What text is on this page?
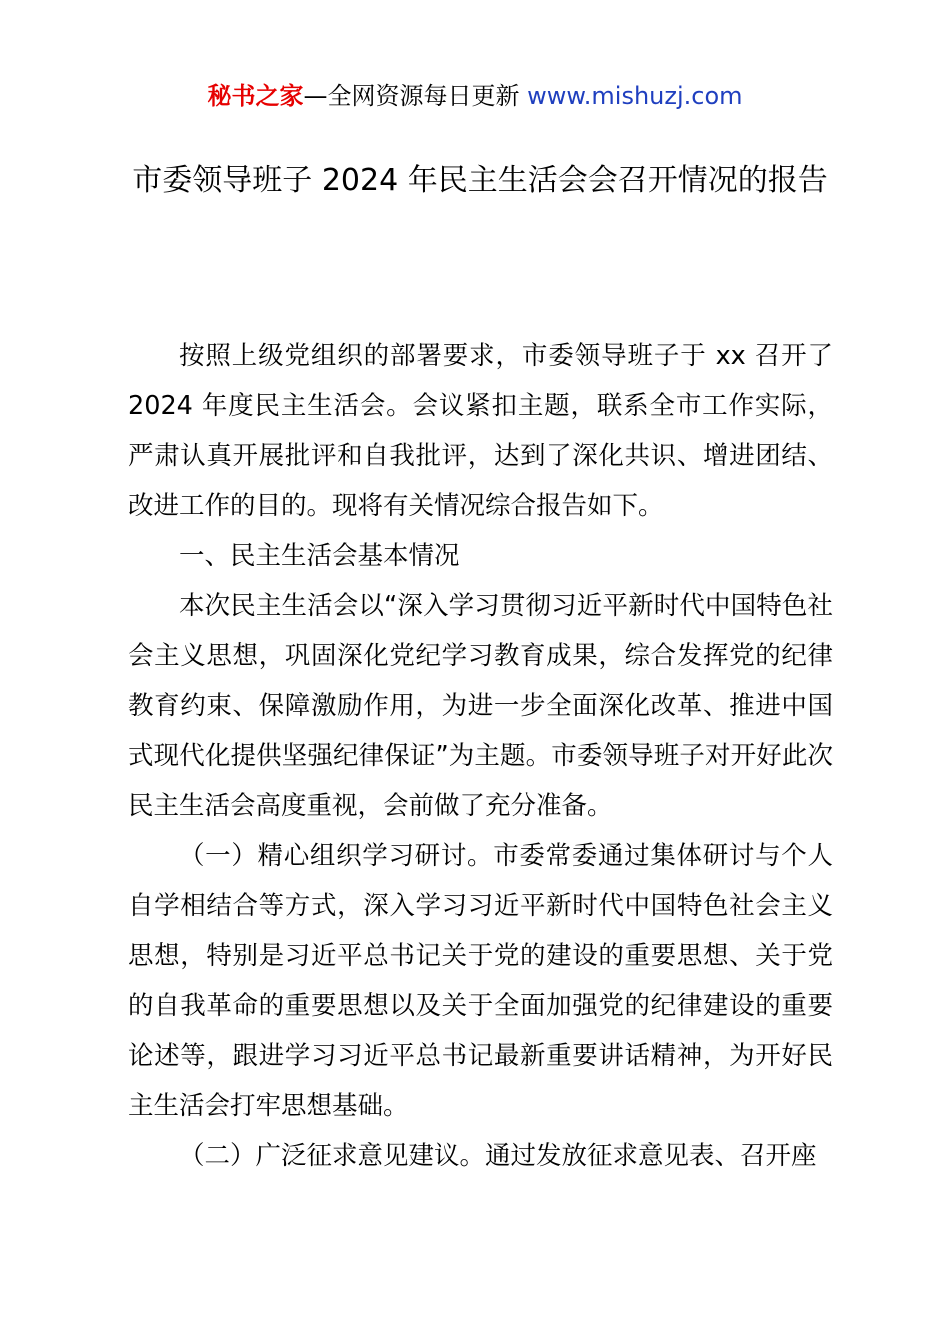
秘书之家—全网资源每日更新 www.mishuzj.com
市委领导班子 2024 年民主生活会会召开情况的报告

按照上级党组织的部署要求，市委领导班子于 xx 召开了 2024 年度民主生活会。会议紧扣主题，联系全市工作实际，严肃认真开展批评和自我批评，达到了深化共识、增进团结、改进工作的目的。现将有关情况综合报告如下。

一、民主生活会基本情况

本次民主生活会以“深入学习贯彻习近平新时代中国特色社会主义思想，巩固深化党纪学习教育成果，综合发挥党的纪律教育约束、保障激励作用，为进一步全面深化改革、推进中国式现代化提供坚强纪律保证”为主题。市委领导班子对开好此次民主生活会高度重视，会前做了充分准备。

（一）精心组织学习研讨。市委常委通过集体研讨与个人自学相结合等方式，深入学习习近平新时代中国特色社会主义思想，特别是习近平总书记关于党的建设的重要思想、关于党的自我革命的重要思想以及关于全面加强党的纪律建设的重要论述等，跟进学习习近平总书记最新重要讲话精神，为开好民主生活会打牢思想基础。

（二）广泛征求意见建议。通过发放征求意见表、召开座
